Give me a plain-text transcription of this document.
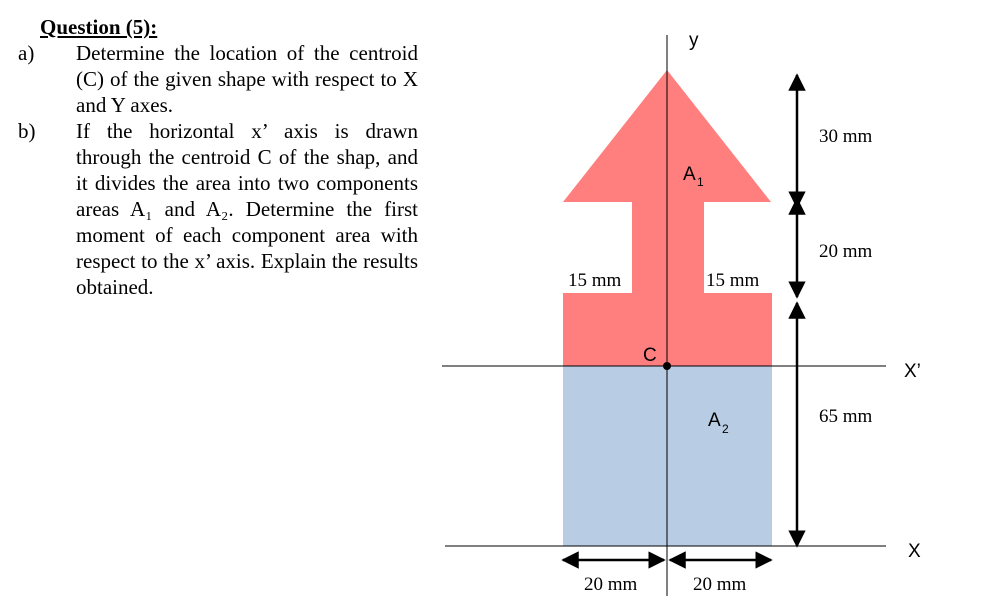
Question (5):
a)	Determine the location of the centroid (C) of the given shape with respect to X and Y axes.
b)	If the horizontal x’ axis is drawn through the centroid C of the shap, and it divides the area into two components areas A₁ and A₂. Determine the first moment of each component area with respect to the x’ axis. Explain the results obtained.
y
X’
X
C
A 1
A 2
30 mm
20 mm
65 mm
15 mm	15 mm
20 mm	20 mm
